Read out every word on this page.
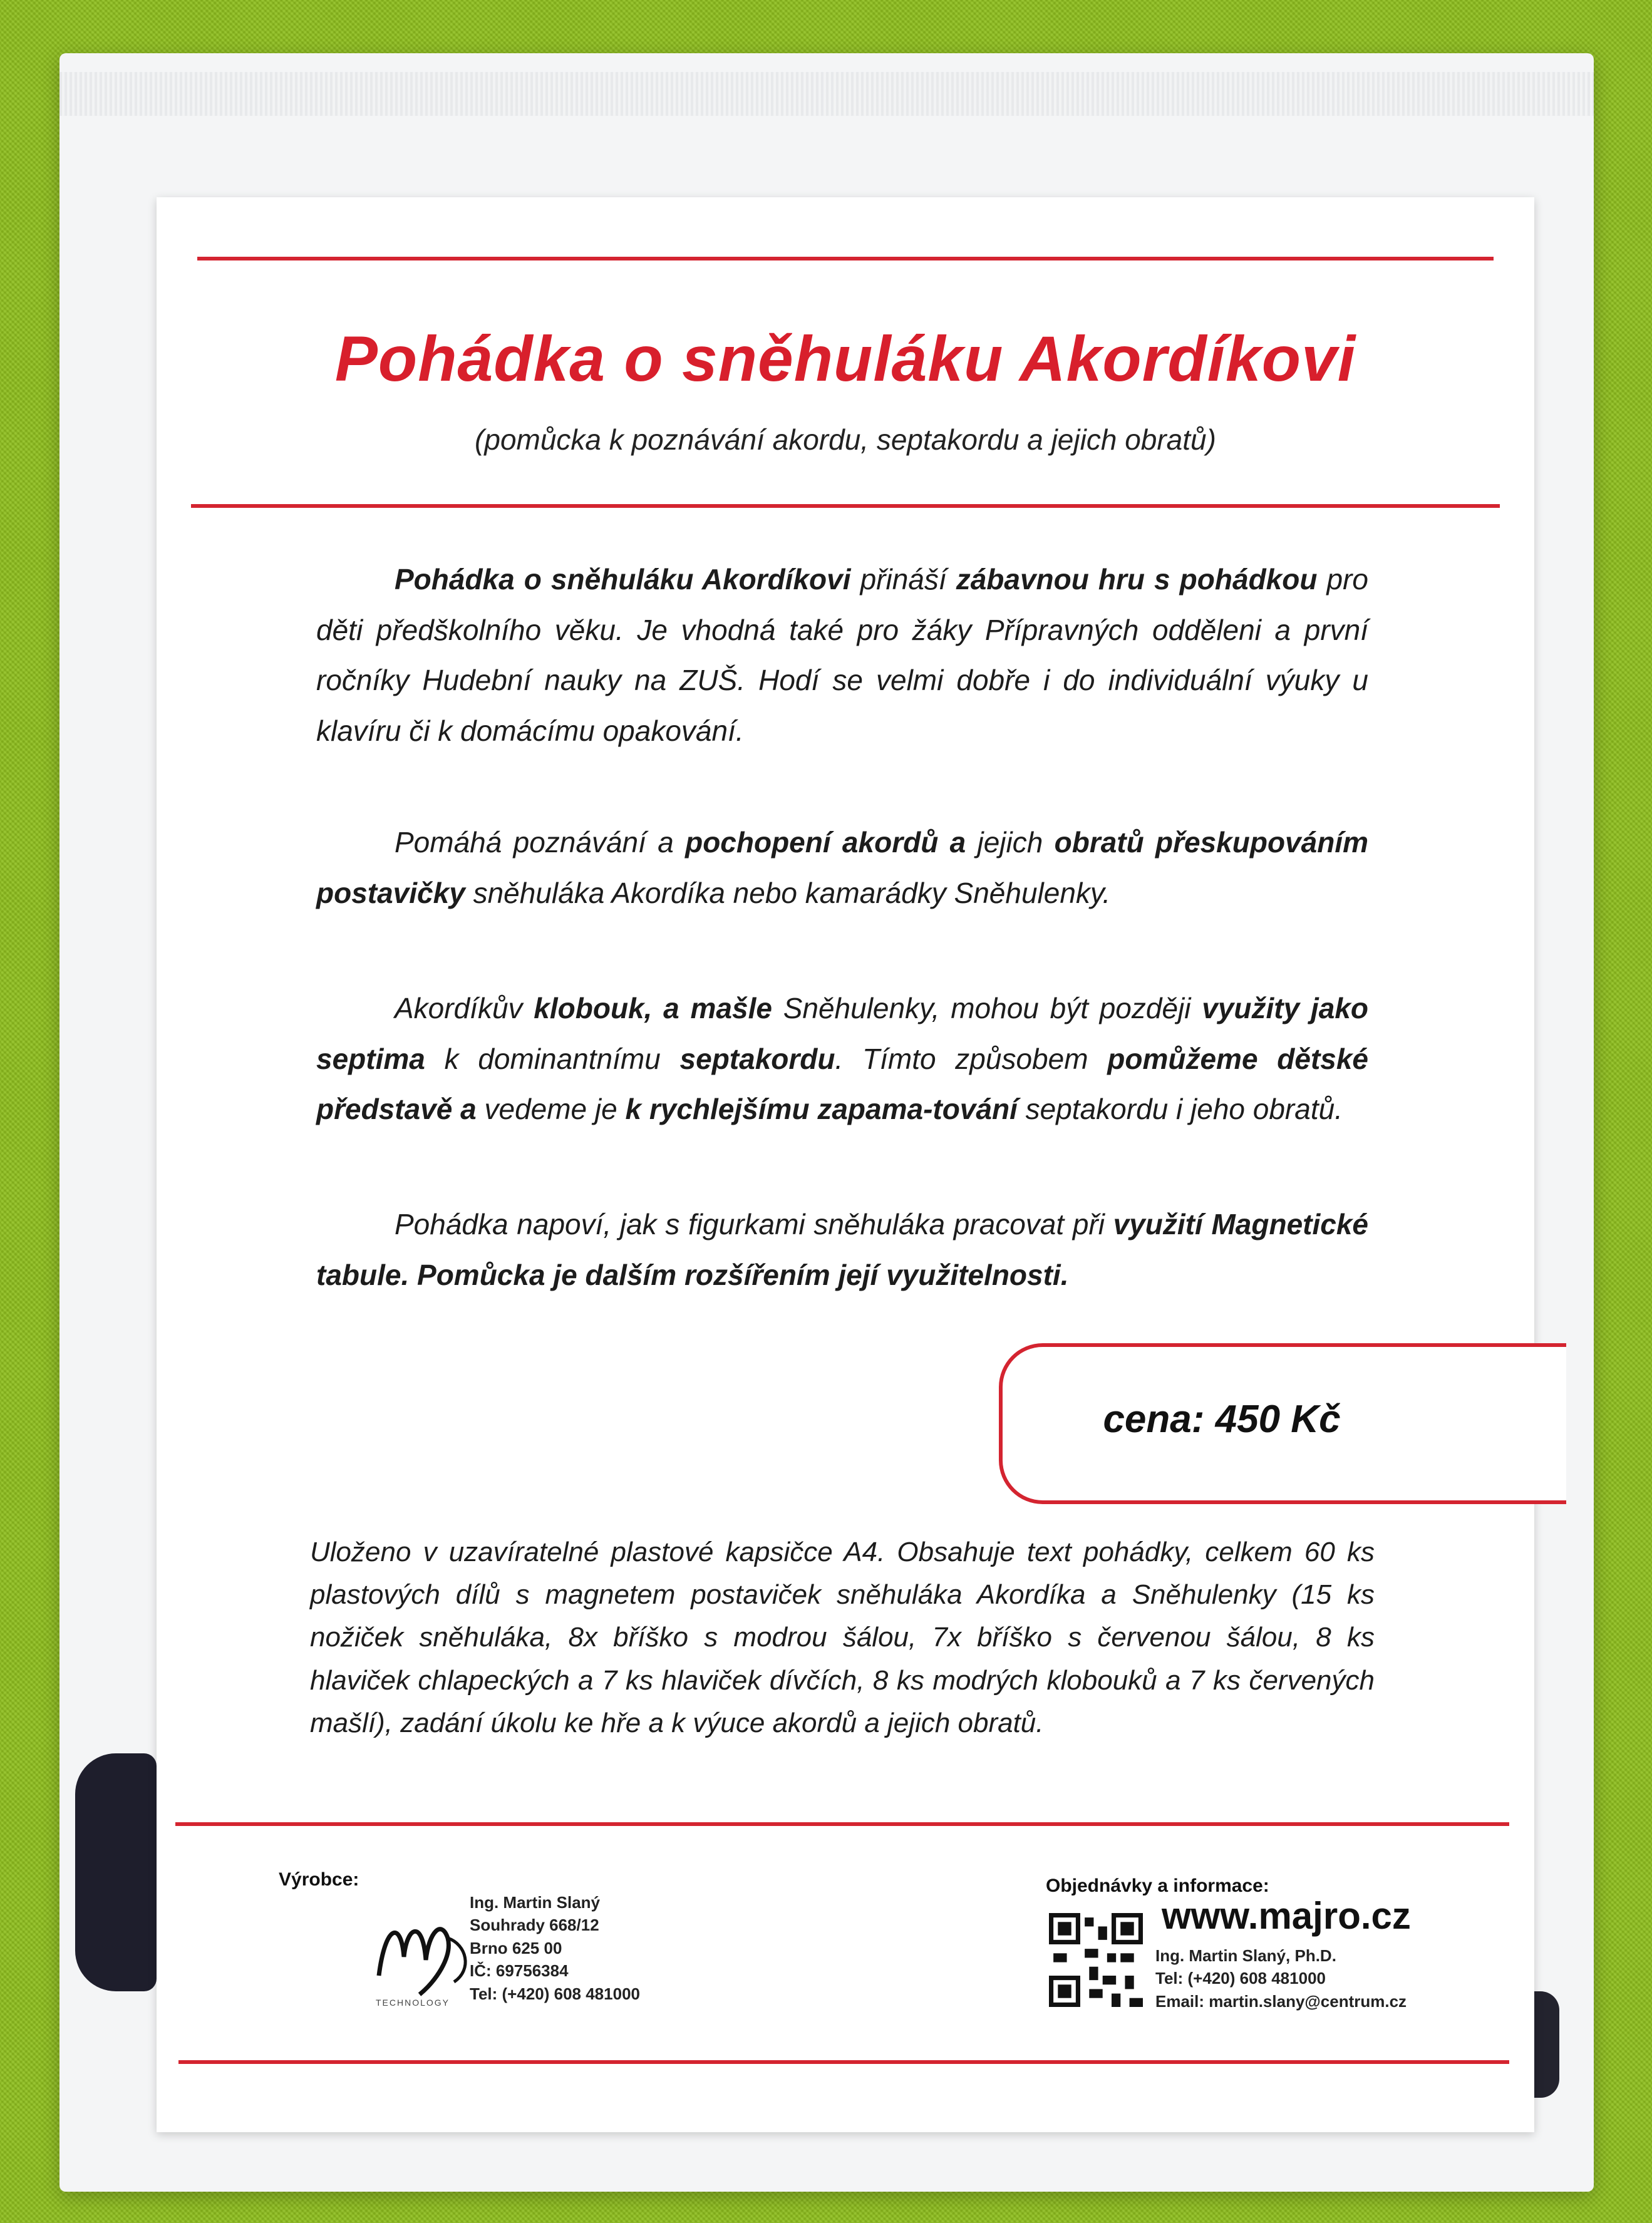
Pohádka o sněhuláku Akordíkovi
(pomůcka k poznávání akordu, septakordu a jejich obratů)
Pohádka o sněhuláku Akordíkovi přináší zábavnou hru s pohádkou pro děti předškolního věku. Je vhodná také pro žáky Přípravných odděleni a první ročníky Hudební nauky na ZUŠ. Hodí se velmi dobře i do individuální výuky u klavíru či k domácímu opakování.
Pomáhá poznávání a pochopení akordů a jejich obratů přeskupováním postavičky sněhuláka Akordíka nebo kamarádky Sněhulenky.
Akordíkův klobouk, a mašle Sněhulenky, mohou být později využity jako septima k dominantnímu septakordu. Tímto způsobem pomůžeme dětské představě a vedeme je k rychlejšímu zapama-tování septakordu i jeho obratů.
Pohádka napoví, jak s figurkami sněhuláka pracovat při využití Magnetické tabule. Pomůcka je dalším rozšířením její využitelnosti.
cena: 450 Kč
Uloženo v uzavíratelné plastové kapsičce A4. Obsahuje text pohádky, celkem 60 ks plastových dílů s magnetem postaviček sněhuláka Akordíka a Sněhulenky (15 ks nožiček sněhuláka, 8x bříško s modrou šálou, 7x bříško s červenou šálou, 8 ks hlaviček chlapeckých a 7 ks hlaviček dívčích, 8 ks modrých klobouků a 7 ks červených mašlí), zadání úkolu ke hře a k výuce akordů a jejich obratů.
Výrobce:
TECHNOLOGY
Ing. Martin Slaný
Souhrady 668/12
Brno 625 00
IČ: 69756384
Tel: (+420) 608 481000
Objednávky a informace:
www.majro.cz
Ing. Martin Slaný, Ph.D.
Tel: (+420) 608 481000
Email: martin.slany@centrum.cz
